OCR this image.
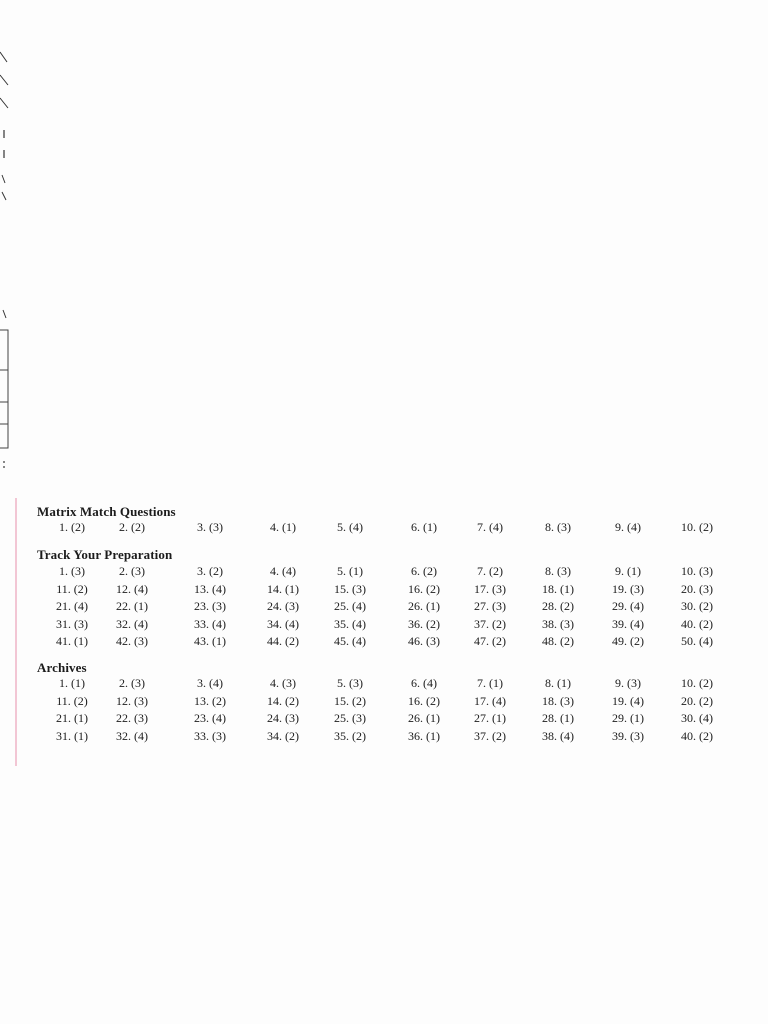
Matrix Match Questions
1. (2)	2. (2)	3. (3)	4. (1)	5. (4)	6. (1)	7. (4)	8. (3)	9. (4)	10. (2)
Track Your Preparation
1. (3)	2. (3)	3. (2)	4. (4)	5. (1)	6. (2)	7. (2)	8. (3)	9. (1)	10. (3)
11. (2) 12. (4)	13. (4)	14. (1)	15. (3)	16. (2)	17. (3)	18. (1)	19. (3)	20. (3)
21. (4) 22. (1)	23. (3)	24. (3)	25. (4)	26. (1)	27. (3)	28. (2)	29. (4)	30. (2)
31. (3) 32. (4)	33. (4)	34. (4)	35. (4)	36. (2)	37. (2)	38. (3)	39. (4)	40. (2)
41. (1) 42. (3)	43. (1)	44. (2)	45. (4)	46. (3)	47. (2)	48. (2)	49. (2)	50. (4)
Archives
1. (1)	2. (3)	3. (4)	4. (3)	5. (3)	6. (4)	7. (1)	8. (1)	9. (3)	10. (2)
11. (2) 12. (3)	13. (2)	14. (2)	15. (2)	16. (2)	17. (4)	18. (3)	19. (4)	20. (2)
21. (1) 22. (3)	23. (4)	24. (3)	25. (3)	26. (1)	27. (1)	28. (1)	29. (1)	30. (4)
31. (1) 32. (4)	33. (3)	34. (2)	35. (2)	36. (1)	37. (2)	38. (4)	39. (3)	40. (2)
